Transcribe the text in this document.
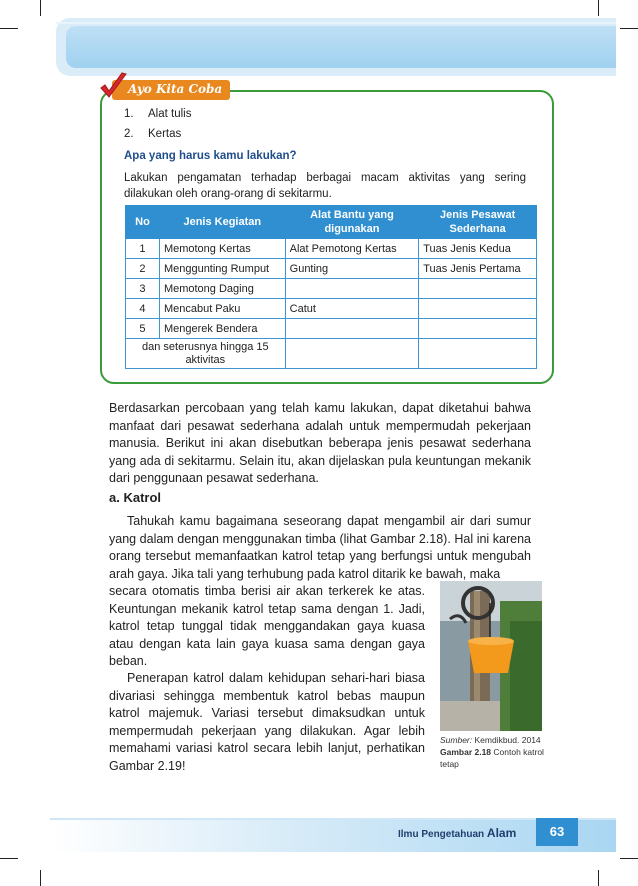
Ayo Kita Coba
1. Alat tulis
2. Kertas
Apa yang harus kamu lakukan?
Lakukan pengamatan terhadap berbagai macam aktivitas yang sering dilakukan oleh orang-orang di sekitarmu.
No	Jenis Kegiatan	Alat Bantu yang digunakan	Jenis Pesawat Sederhana
1	Memotong Kertas	Alat Pemotong Kertas	Tuas Jenis Kedua
2	Menggunting Rumput	Gunting	Tuas Jenis Pertama
3	Memotong Daging		
4	Mencabut Paku	Catut	
5	Mengerek Bendera		
dan seterusnya hingga 15 aktivitas			
Berdasarkan percobaan yang telah kamu lakukan, dapat diketahui bahwa manfaat dari pesawat sederhana adalah untuk mempermudah pekerjaan manusia. Berikut ini akan disebutkan beberapa jenis pesawat sederhana yang ada di sekitarmu. Selain itu, akan dijelaskan pula keuntungan mekanik dari penggunaan pesawat sederhana.
a. Katrol
Tahukah kamu bagaimana seseorang dapat mengambil air dari sumur yang dalam dengan menggunakan timba (lihat Gambar 2.18). Hal ini karena orang tersebut memanfaatkan katrol tetap yang berfungsi untuk mengubah arah gaya. Jika tali yang terhubung pada katrol ditarik ke bawah, maka
secara otomatis timba berisi air akan terkerek ke atas. Keuntungan mekanik katrol tetap sama dengan 1. Jadi, katrol tetap tunggal tidak menggandakan gaya kuasa atau dengan kata lain gaya kuasa sama dengan gaya beban.
Penerapan katrol dalam kehidupan sehari-hari biasa divariasi sehingga membentuk katrol bebas maupun katrol majemuk. Variasi tersebut dimaksudkan untuk mempermudah pekerjaan yang dilakukan. Agar lebih memahami variasi katrol secara lebih lanjut, perhatikan Gambar 2.19!
Sumber: Kemdikbud. 2014
Gambar 2.18 Contoh katrol tetap
Ilmu Pengetahuan Alam	63
